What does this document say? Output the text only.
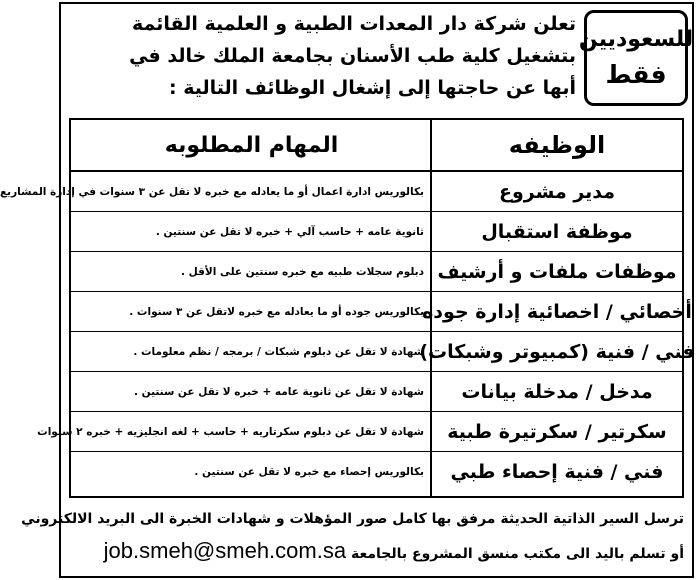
للسعوديين
فقط
تعلن شركة دار المعدات الطبية و العلمية القائمة
بتشغيل كلية طب الأسنان بجامعة الملك خالد في
أبها عن حاجتها إلى إشغال الوظائف التالية :
الوظيفه
المهام المطلوبه
مدير مشروع
بكالوريس ادارة اعمال أو ما يعادله مع خبره لا تقل عن ٣ سنوات في إدارة المشاريع
موظفة استقبال
ثانوية عامه + حاسب آلي + خبره لا تقل عن سنتين .
موظفات ملفات و أرشيف
دبلوم سجلات طبيه مع خبره سنتين على الأقل .
أخصائي / اخصائية إدارة جوده
بكالوريس جوده أو ما يعادله مع خبره لاتقل عن ٣ سنوات .
فني / فنية (كمبيوتر وشبكات)
شهادة لا تقل عن دبلوم شبكات / برمجه / نظم معلومات .
مدخل / مدخلة بيانات
شهادة لا تقل عن ثانوية عامه + خبره لا تقل عن سنتين .
سكرتير / سكرتيرة طبية
شهادة لا تقل عن دبلوم سكرتاريه + حاسب + لغه انجليزيه + خبره ٢ سنوات
فني / فنية إحصاء طبي
بكالوريس إحصاء مع خبره لا تقل عن سنتين .
ترسل السير الذاتية الحديثة مرفق بها كامل صور المؤهلات و شهادات الخبرة الى البريد الالكتروني
أو تسلم باليد الى مكتب منسق المشروع بالجامعة job.smeh@smeh.com.sa
